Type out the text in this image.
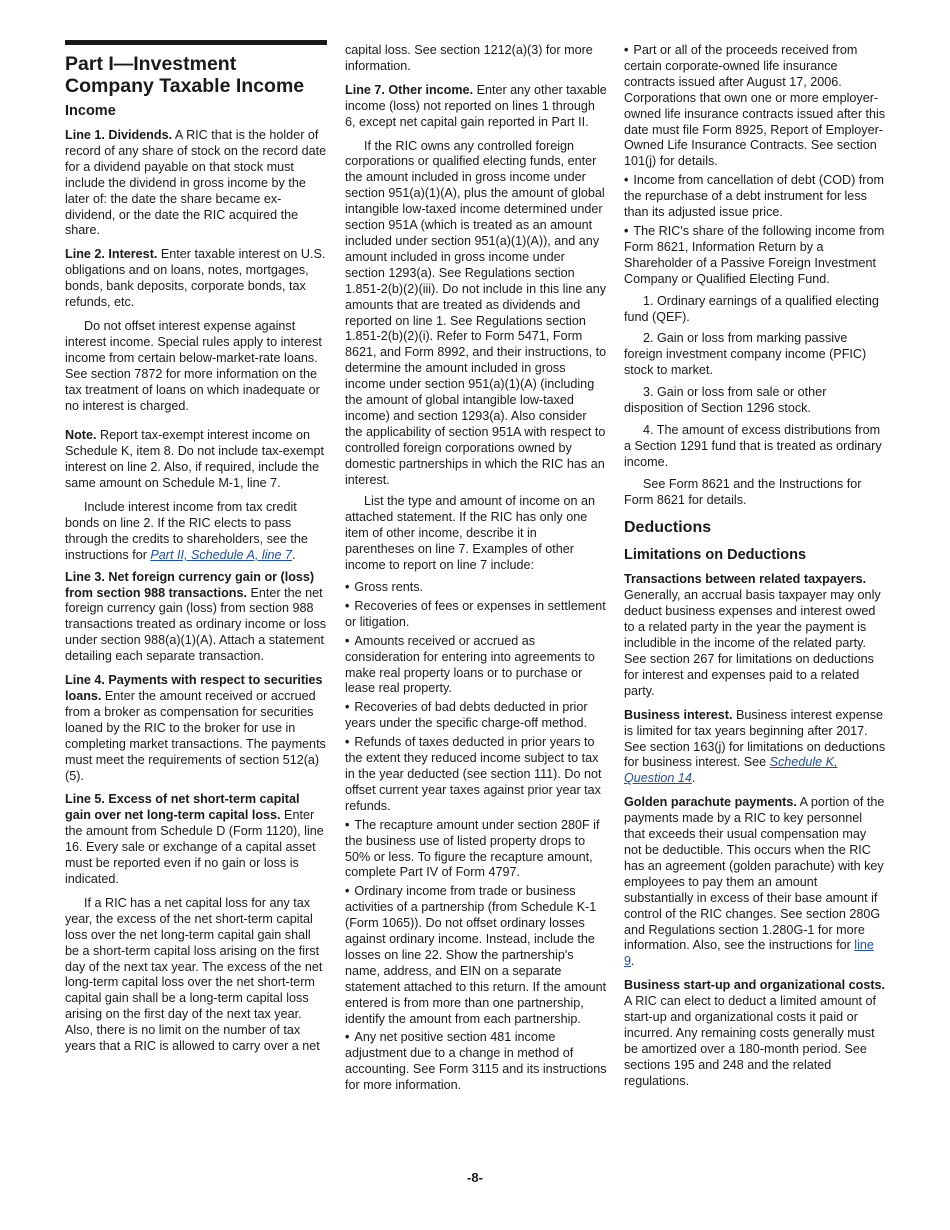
Part I—Investment Company Taxable Income
Income

Line 1. Dividends. A RIC that is the holder of record of any share of stock on the record date for a dividend payable on that stock must include the dividend in gross income by the later of: the date the share became ex-dividend, or the date the RIC acquired the share.

Line 2. Interest. Enter taxable interest on U.S. obligations and on loans, notes, mortgages, bonds, bank deposits, corporate bonds, tax refunds, etc.

Do not offset interest expense against interest income. Special rules apply to interest income from certain below-market-rate loans. See section 7872 for more information on the tax treatment of loans on which inadequate or no interest is charged.

Note. Report tax-exempt interest income on Schedule K, item 8. Do not include tax-exempt interest on line 2. Also, if required, include the same amount on Schedule M-1, line 7.

Include interest income from tax credit bonds on line 2. If the RIC elects to pass through the credits to shareholders, see the instructions for Part II, Schedule A, line 7.

Line 3. Net foreign currency gain or (loss) from section 988 transactions. Enter the net foreign currency gain (loss) from section 988 transactions treated as ordinary income or loss under section 988(a)(1)(A). Attach a statement detailing each separate transaction.

Line 4. Payments with respect to securities loans. Enter the amount received or accrued from a broker as compensation for securities loaned by the RIC to the broker for use in completing market transactions. The payments must meet the requirements of section 512(a)(5).

Line 5. Excess of net short-term capital gain over net long-term capital loss. Enter the amount from Schedule D (Form 1120), line 16. Every sale or exchange of a capital asset must be reported even if no gain or loss is indicated.

If a RIC has a net capital loss for any tax year, the excess of the net short-term capital loss over the net long-term capital gain shall be a short-term capital loss arising on the first day of the next tax year. The excess of the net long-term capital loss over the net short-term capital gain shall be a long-term capital loss arising on the first day of the next tax year. Also, there is no limit on the number of tax years that a RIC is allowed to carry over a net

capital loss. See section 1212(a)(3) for more information.

Line 7. Other income. Enter any other taxable income (loss) not reported on lines 1 through 6, except net capital gain reported in Part II.

If the RIC owns any controlled foreign corporations or qualified electing funds, enter the amount included in gross income under section 951(a)(1)(A), plus the amount of global intangible low-taxed income determined under section 951A (which is treated as an amount included under section 951(a)(1)(A)), and any amount included in gross income under section 1293(a). See Regulations section 1.851-2(b)(2)(iii). Do not include in this line any amounts that are treated as dividends and reported on line 1. See Regulations section 1.851-2(b)(2)(i). Refer to Form 5471, Form 8621, and Form 8992, and their instructions, to determine the amount included in gross income under section 951(a)(1)(A) (including the amount of global intangible low-taxed income) and section 1293(a). Also consider the applicability of section 951A with respect to controlled foreign corporations owned by domestic partnerships in which the RIC has an interest.

List the type and amount of income on an attached statement. If the RIC has only one item of other income, describe it in parentheses on line 7. Examples of other income to report on line 7 include:

• Gross rents.

• Recoveries of fees or expenses in settlement or litigation.

• Amounts received or accrued as consideration for entering into agreements to make real property loans or to purchase or lease real property.

• Recoveries of bad debts deducted in prior years under the specific charge-off method.

• Refunds of taxes deducted in prior years to the extent they reduced income subject to tax in the year deducted (see section 111). Do not offset current year taxes against prior year tax refunds.

• The recapture amount under section 280F if the business use of listed property drops to 50% or less. To figure the recapture amount, complete Part IV of Form 4797.

• Ordinary income from trade or business activities of a partnership (from Schedule K-1 (Form 1065)). Do not offset ordinary losses against ordinary income. Instead, include the losses on line 22. Show the partnership's name, address, and EIN on a separate statement attached to this return. If the amount entered is from more than one partnership, identify the amount from each partnership.

• Any net positive section 481 income adjustment due to a change in method of accounting. See Form 3115 and its instructions for more information.

• Part or all of the proceeds received from certain corporate-owned life insurance contracts issued after August 17, 2006. Corporations that own one or more employer-owned life insurance contracts issued after this date must file Form 8925, Report of Employer-Owned Life Insurance Contracts. See section 101(j) for details.

• Income from cancellation of debt (COD) from the repurchase of a debt instrument for less than its adjusted issue price.

• The RIC's share of the following income from Form 8621, Information Return by a Shareholder of a Passive Foreign Investment Company or Qualified Electing Fund.

1. Ordinary earnings of a qualified electing fund (QEF).

2. Gain or loss from marking passive foreign investment company income (PFIC) stock to market.

3. Gain or loss from sale or other disposition of Section 1296 stock.

4. The amount of excess distributions from a Section 1291 fund that is treated as ordinary income.

See Form 8621 and the Instructions for Form 8621 for details.

Deductions
Limitations on Deductions

Transactions between related taxpayers. Generally, an accrual basis taxpayer may only deduct business expenses and interest owed to a related party in the year the payment is includible in the income of the related party. See section 267 for limitations on deductions for interest and expenses paid to a related party.

Business interest. Business interest expense is limited for tax years beginning after 2017. See section 163(j) for limitations on deductions for business interest. See Schedule K, Question 14.

Golden parachute payments. A portion of the payments made by a RIC to key personnel that exceeds their usual compensation may not be deductible. This occurs when the RIC has an agreement (golden parachute) with key employees to pay them an amount substantially in excess of their base amount if control of the RIC changes. See section 280G and Regulations section 1.280G-1 for more information. Also, see the instructions for line 9.

Business start-up and organizational costs. A RIC can elect to deduct a limited amount of start-up and organizational costs it paid or incurred. Any remaining costs generally must be amortized over a 180-month period. See sections 195 and 248 and the related regulations.

-8-
